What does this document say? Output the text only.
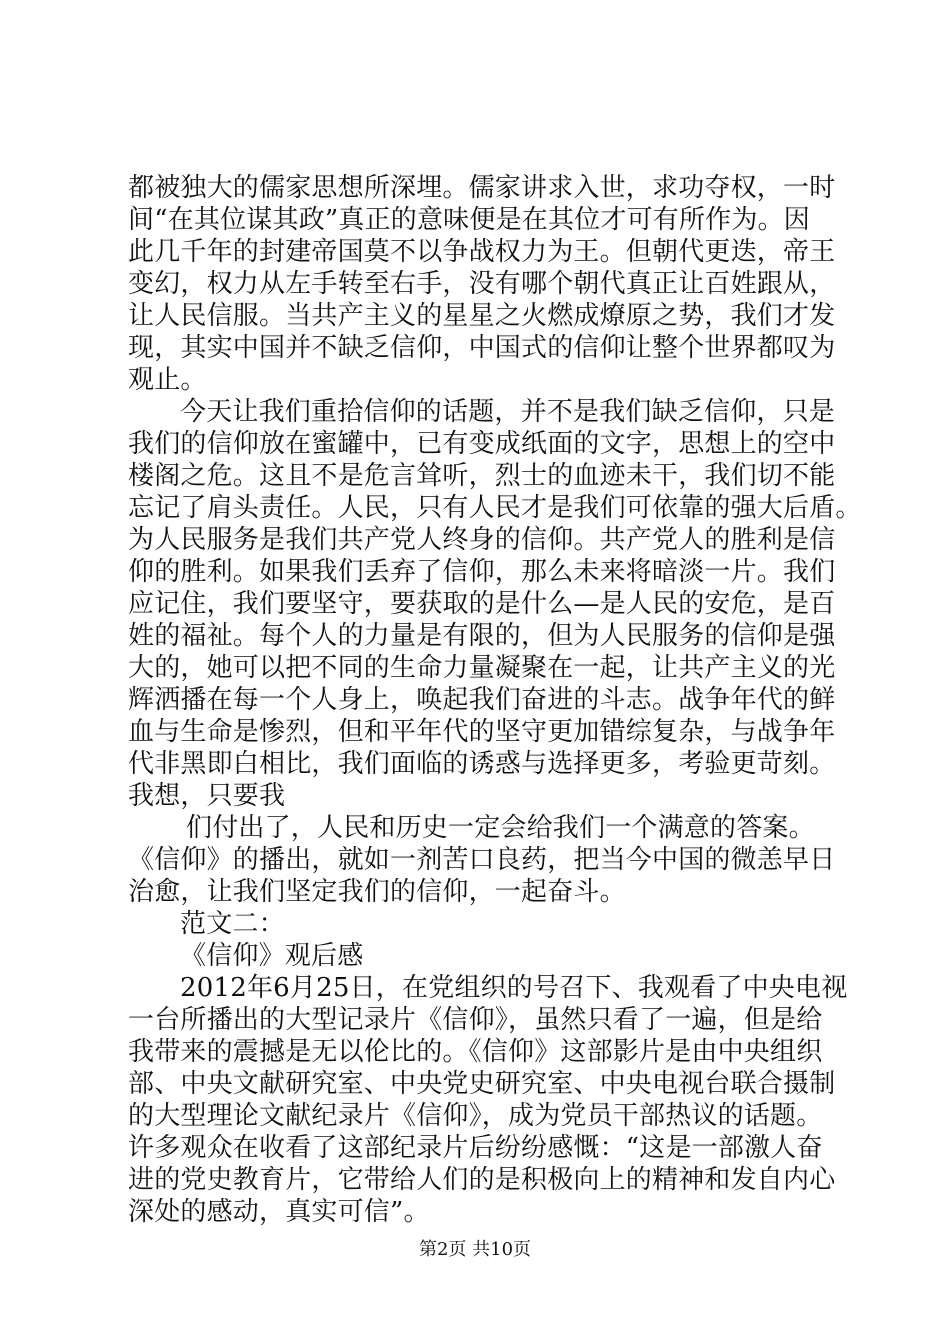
都被独大的儒家思想所深埋。儒家讲求入世，求功夺权，一时
间“在其位谋其政”真正的意味便是在其位才可有所作为。因
此几千年的封建帝国莫不以争战权力为王。但朝代更迭，帝王
变幻，权力从左手转至右手，没有哪个朝代真正让百姓跟从，
让人民信服。当共产主义的星星之火燃成燎原之势，我们才发
现，其实中国并不缺乏信仰，中国式的信仰让整个世界都叹为
观止。
今天让我们重拾信仰的话题，并不是我们缺乏信仰，只是
我们的信仰放在蜜罐中，已有变成纸面的文字，思想上的空中
楼阁之危。这且不是危言耸听，烈士的血迹未干，我们切不能
忘记了肩头责任。人民，只有人民才是我们可依靠的强大后盾。
为人民服务是我们共产党人终身的信仰。共产党人的胜利是信
仰的胜利。如果我们丢弃了信仰，那么未来将暗淡一片。我们
应记住，我们要坚守，要获取的是什么—是人民的安危，是百
姓的福祉。每个人的力量是有限的，但为人民服务的信仰是强
大的，她可以把不同的生命力量凝聚在一起，让共产主义的光
辉洒播在每一个人身上，唤起我们奋进的斗志。战争年代的鲜
血与生命是惨烈，但和平年代的坚守更加错综复杂，与战争年
代非黑即白相比，我们面临的诱惑与选择更多，考验更苛刻。
我想，只要我
们付出了，人民和历史一定会给我们一个满意的答案。
《信仰》的播出，就如一剂苦口良药，把当今中国的微恙早日
治愈，让我们坚定我们的信仰，一起奋斗。
范文二：
《信仰》观后感
2012年6月25日，在党组织的号召下、我观看了中央电视
一台所播出的大型记录片《信仰》，虽然只看了一遍，但是给
我带来的震撼是无以伦比的。《信仰》这部影片是由中央组织
部、中央文献研究室、中央党史研究室、中央电视台联合摄制
的大型理论文献纪录片《信仰》，成为党员干部热议的话题。
许多观众在收看了这部纪录片后纷纷感慨：“这是一部激人奋
进的党史教育片，它带给人们的是积极向上的精神和发自内心
深处的感动，真实可信”。
第2页 共10页
